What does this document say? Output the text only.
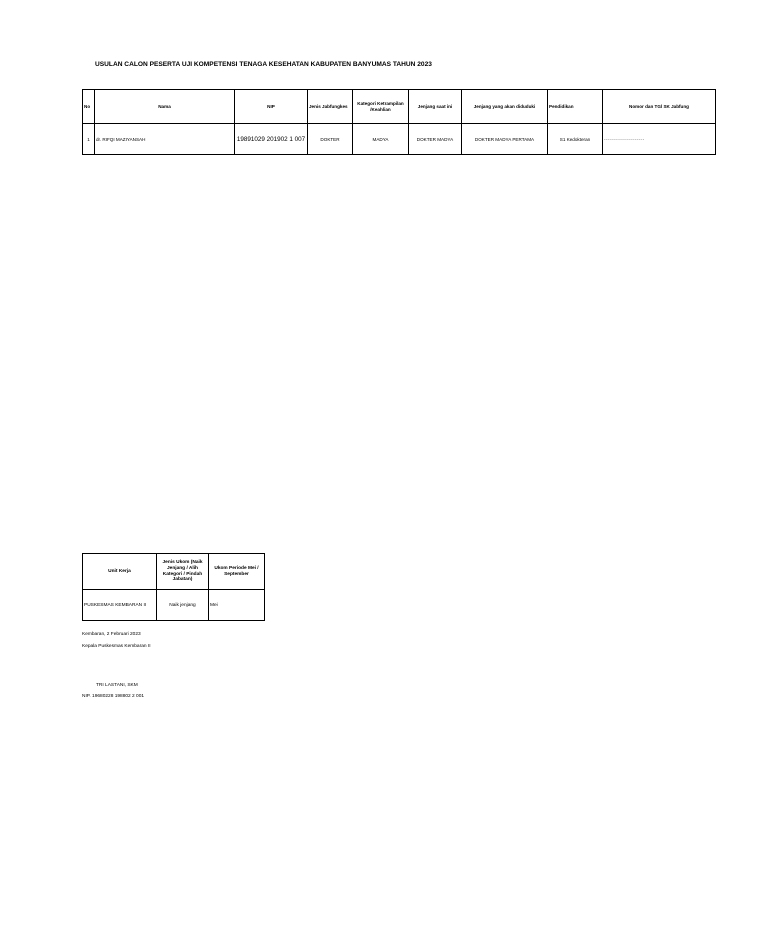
USULAN CALON PESERTA UJI KOMPETENSI TENAGA KESEHATAN KABUPATEN BANYUMAS TAHUN 2023
No	Nama	NIP	Jenis Jabfungkes	Kategori Ketrampilan /Keahlian	Jenjang saat ini	Jenjang yang akan diduduki	Pendidikan	Nomor dan TGl SK Jabfung
1	dr. RIFQI MAZIYANSAH	19891029 201902 1 007	DOKTER	MADYA	DOKTER MADYA	DOKTER MADYA PERTAMA	S1 Kedokteran	--------------------
Unit Kerja	Jenis Ukom (Naik Jenjang / Alih Kategori / Pindah Jabatan)	Ukom Periode Mei / September
PUSKESMAS KEMBARAN II	Naik jenjang	Mei
Kembaran, 2 Februari 2023
Kepala Puskesmas Kembaran II
TRI LASTANI, SKM
NIP. 19680228 198802 2 001
